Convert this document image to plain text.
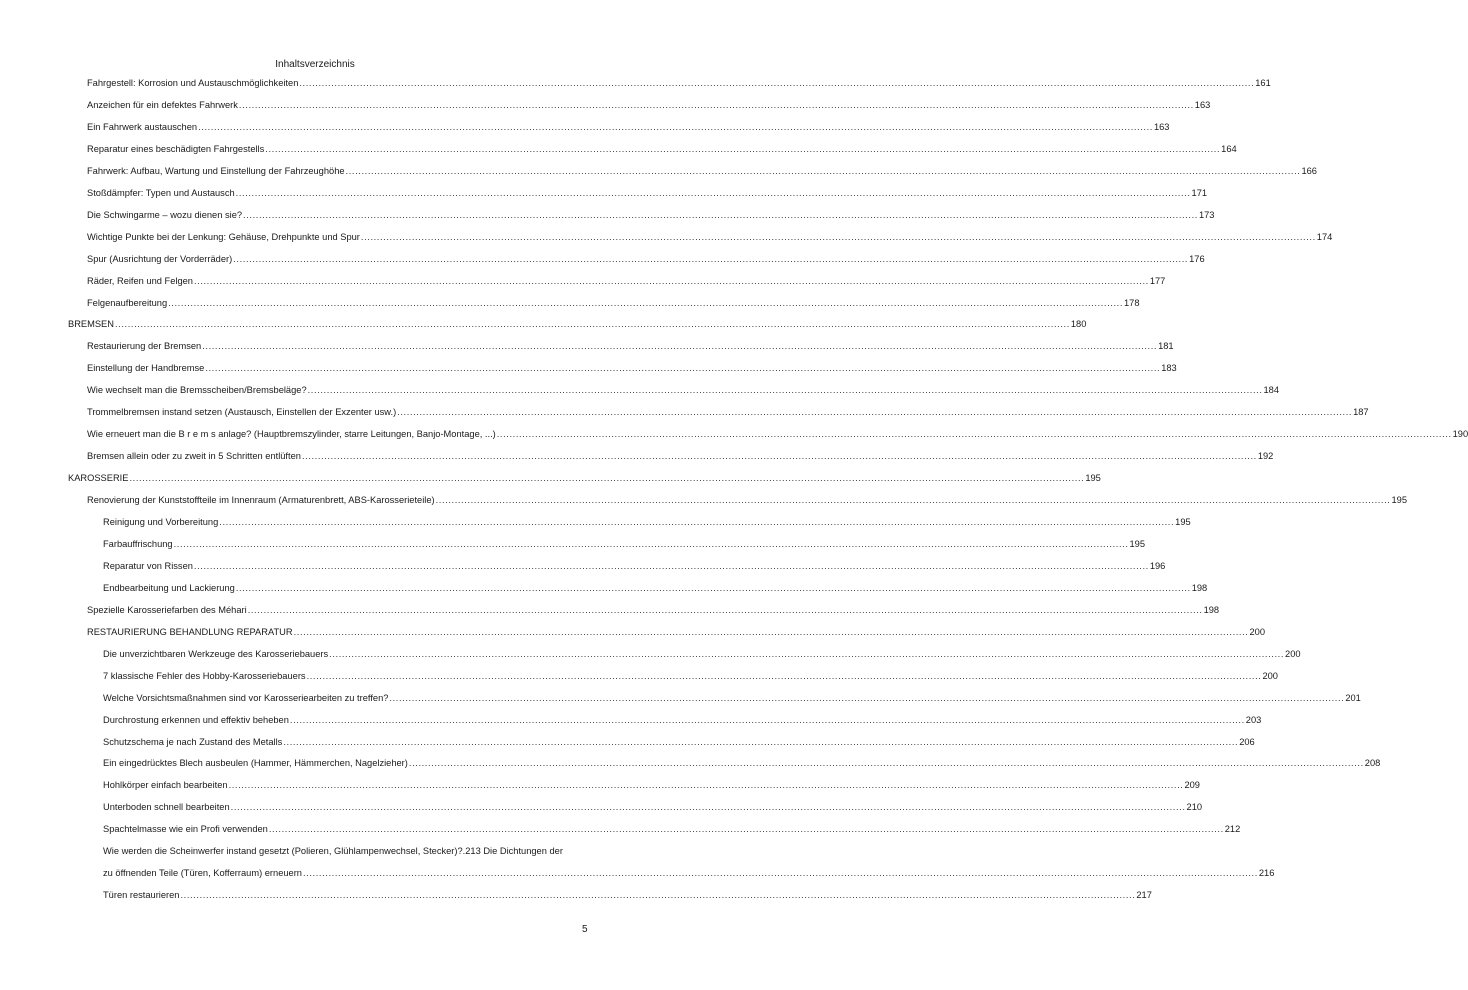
Inhaltsverzeichnis
Fahrgestell: Korrosion und Austauschmöglichkeiten ............................................................................................................................................................................................................................................................................................................ 161
Anzeichen für ein defektes Fahrwerk ............................................................................................................................................................................................................................................................................................................ 163
Ein Fahrwerk austauschen ............................................................................................................................................................................................................................................................................................................ 163
Reparatur eines beschädigten Fahrgestells ............................................................................................................................................................................................................................................................................................................ 164
Fahrwerk: Aufbau, Wartung und Einstellung der Fahrzeughöhe ............................................................................................................................................................................................................................................................................................................ 166
Stoßdämpfer: Typen und Austausch ............................................................................................................................................................................................................................................................................................................ 171
Die Schwingarme – wozu dienen sie? ............................................................................................................................................................................................................................................................................................................ 173
Wichtige Punkte bei der Lenkung: Gehäuse, Drehpunkte und Spur ............................................................................................................................................................................................................................................................................................................ 174
Spur (Ausrichtung der Vorderräder) ............................................................................................................................................................................................................................................................................................................ 176
Räder, Reifen und Felgen ............................................................................................................................................................................................................................................................................................................ 177
Felgenaufbereitung ............................................................................................................................................................................................................................................................................................................ 178
BREMSEN ............................................................................................................................................................................................................................................................................................................ 180
Restaurierung der Bremsen ............................................................................................................................................................................................................................................................................................................ 181
Einstellung der Handbremse ............................................................................................................................................................................................................................................................................................................ 183
Wie wechselt man die Bremsscheiben/Bremsbeläge? ............................................................................................................................................................................................................................................................................................................ 184
Trommelbremsen instand setzen (Austausch, Einstellen der Exzenter usw.) ............................................................................................................................................................................................................................................................................................................ 187
Wie erneuert man die B r e m s anlage? (Hauptbremszylinder, starre Leitungen, Banjo-Montage, ...) ............................................................................................................................................................................................................................................................................................................ 190
Bremsen allein oder zu zweit in 5 Schritten entlüften ............................................................................................................................................................................................................................................................................................................ 192
KAROSSERIE ............................................................................................................................................................................................................................................................................................................ 195
Renovierung der Kunststoffteile im Innenraum (Armaturenbrett, ABS-Karosserieteile) ............................................................................................................................................................................................................................................................................................................ 195
Reinigung und Vorbereitung ............................................................................................................................................................................................................................................................................................................ 195
Farbauffrischung ............................................................................................................................................................................................................................................................................................................ 195
Reparatur von Rissen ............................................................................................................................................................................................................................................................................................................ 196
Endbearbeitung und Lackierung ............................................................................................................................................................................................................................................................................................................ 198
Spezielle Karosseriefarben des Méhari ............................................................................................................................................................................................................................................................................................................ 198
RESTAURIERUNG BEHANDLUNG REPARATUR ............................................................................................................................................................................................................................................................................................................ 200
Die unverzichtbaren Werkzeuge des Karosseriebauers ............................................................................................................................................................................................................................................................................................................ 200
7 klassische Fehler des Hobby-Karosseriebauers ............................................................................................................................................................................................................................................................................................................ 200
Welche Vorsichtsmaßnahmen sind vor Karosseriearbeiten zu treffen? ............................................................................................................................................................................................................................................................................................................ 201
Durchrostung erkennen und effektiv beheben ............................................................................................................................................................................................................................................................................................................ 203
Schutzschema je nach Zustand des Metalls ............................................................................................................................................................................................................................................................................................................ 206
Ein eingedrücktes Blech ausbeulen (Hammer, Hämmerchen, Nagelzieher) ............................................................................................................................................................................................................................................................................................................ 208
Hohlkörper einfach bearbeiten ............................................................................................................................................................................................................................................................................................................ 209
Unterboden schnell bearbeiten ............................................................................................................................................................................................................................................................................................................ 210
Spachtelmasse wie ein Profi verwenden ............................................................................................................................................................................................................................................................................................................ 212
zu öffnenden Teile (Türen, Kofferraum) erneuern ............................................................................................................................................................................................................................................................................................................ 216
Türen restaurieren ............................................................................................................................................................................................................................................................................................................ 217
Wie werden die Scheinwerfer instand gesetzt (Polieren, Glühlampenwechsel, Stecker)?.213 Die Dichtungen der
5
